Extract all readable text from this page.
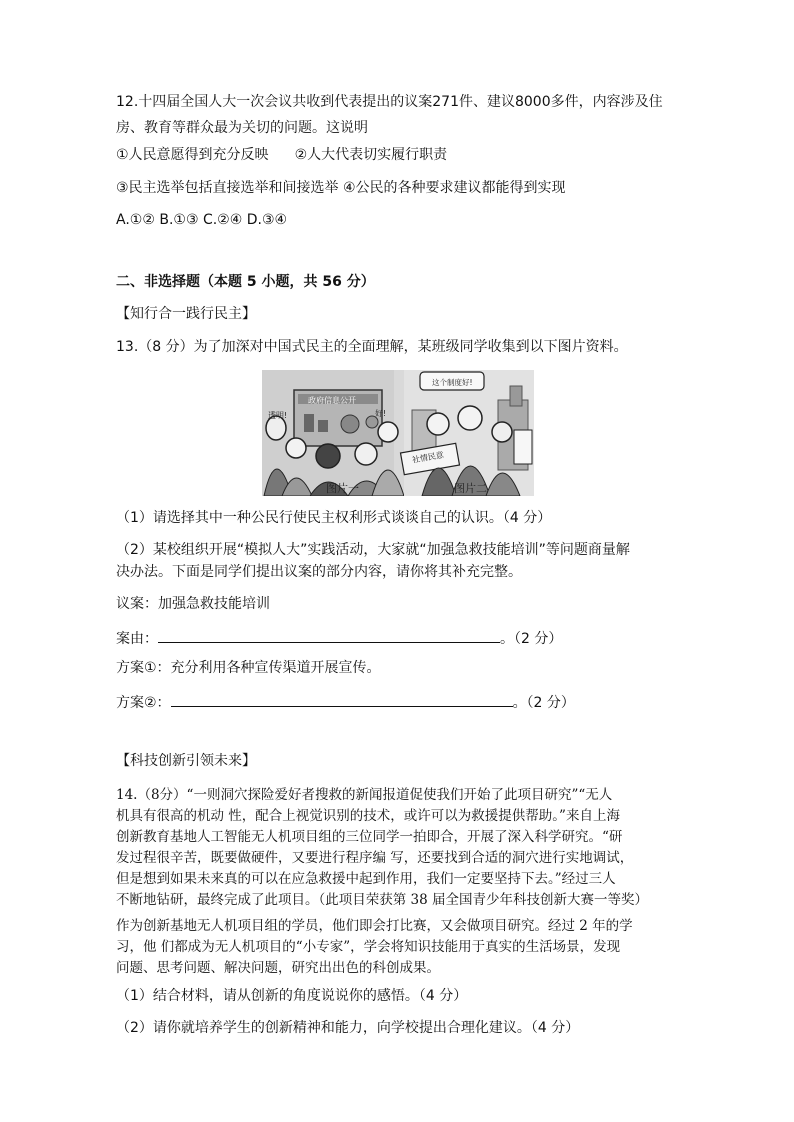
12.十四届全国人大一次会议共收到代表提出的议案271件、建议8000多件，内容涉及住
房、教育等群众最为关切的问题。这说明
①人民意愿得到充分反映 ②人大代表切实履行职责
③民主选举包括直接选举和间接选举 ④公民的各种要求建议都能得到实现
A.①② B.①③ C.②④ D.③④
二、非选择题（本题 5 小题，共 56 分）
【知行合一践行民主】
13.（8 分）为了加深对中国式民主的全面理解，某班级同学收集到以下图片资料。
这个制度好!
政府信息公开
透明!	好!
社情民意
图片一	图片二
（1）请选择其中一种公民行使民主权利形式谈谈自己的认识。（4 分）
（2）某校组织开展“模拟人大”实践活动，大家就“加强急救技能培训”等问题商量解
决办法。下面是同学们提出议案的部分内容，请你将其补充完整。
议案：加强急救技能培训
案由：	。（2 分）
方案①：充分利用各种宣传渠道开展宣传。
方案②：	。（2 分）
【科技创新引领未来】
14.（8分）“一则洞穴探险爱好者搜救的新闻报道促使我们开始了此项目研究”“无人
机具有很高的机动 性，配合上视觉识别的技术，或许可以为救援提供帮助。”来自上海
创新教育基地人工智能无人机项目组的三位同学一拍即合，开展了深入科学研究。“研
发过程很辛苦，既要做硬件，又要进行程序编 写，还要找到合适的洞穴进行实地调试，
但是想到如果未来真的可以在应急救援中起到作用，我们一定要坚持下去。”经过三人
不断地钻研，最终完成了此项目。（此项目荣获第 38 届全国青少年科技创新大赛一等奖）
作为创新基地无人机项目组的学员，他们即会打比赛，又会做项目研究。经过 2 年的学
习，他 们都成为无人机项目的“小专家”，学会将知识技能用于真实的生活场景，发现
问题、思考问题、解决问题，研究出出色的科创成果。
（1）结合材料，请从创新的角度说说你的感悟。（4 分）
（2）请你就培养学生的创新精神和能力，向学校提出合理化建议。（4 分）
